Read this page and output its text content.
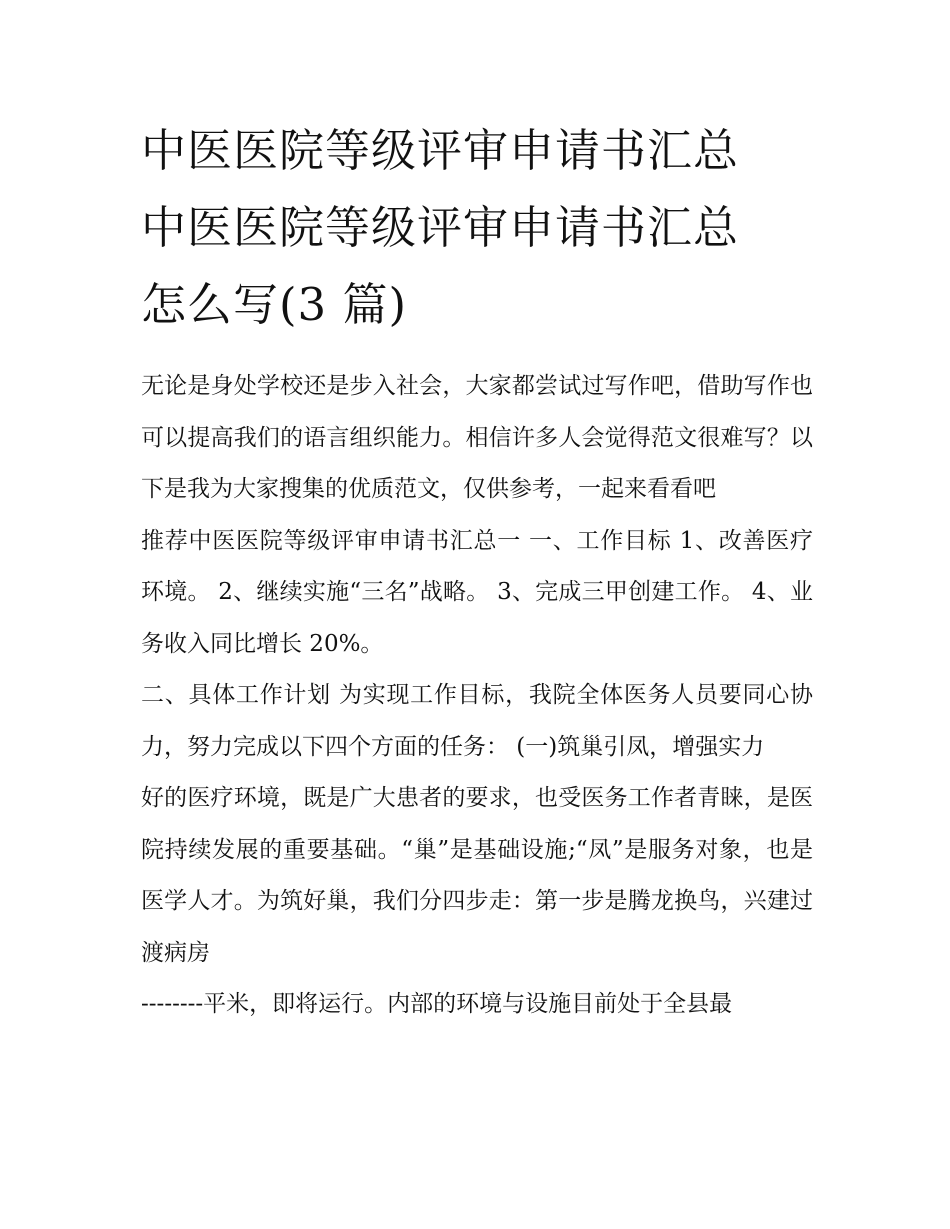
中医医院等级评审申请书汇总
中医医院等级评审申请书汇总
怎么写(3 篇)

无论是身处学校还是步入社会，大家都尝试过写作吧，借助写作也可以提高我们的语言组织能力。相信许多人会觉得范文很难写？以下是我为大家搜集的优质范文，仅供参考，一起来看看吧

推荐中医医院等级评审申请书汇总一 一、工作目标 1、改善医疗环境。 2、继续实施“三名”战略。 3、完成三甲创建工作。 4、业务收入同比增长 20%。

二、具体工作计划 为实现工作目标，我院全体医务人员要同心协力，努力完成以下四个方面的任务： (一)筑巢引凤，增强实力

好的医疗环境，既是广大患者的要求，也受医务工作者青睐，是医院持续发展的重要基础。“巢”是基础设施;“凤”是服务对象，也是医学人才。为筑好巢，我们分四步走：第一步是腾龙换鸟，兴建过渡病房

--------平米，即将运行。内部的环境与设施目前处于全县最
